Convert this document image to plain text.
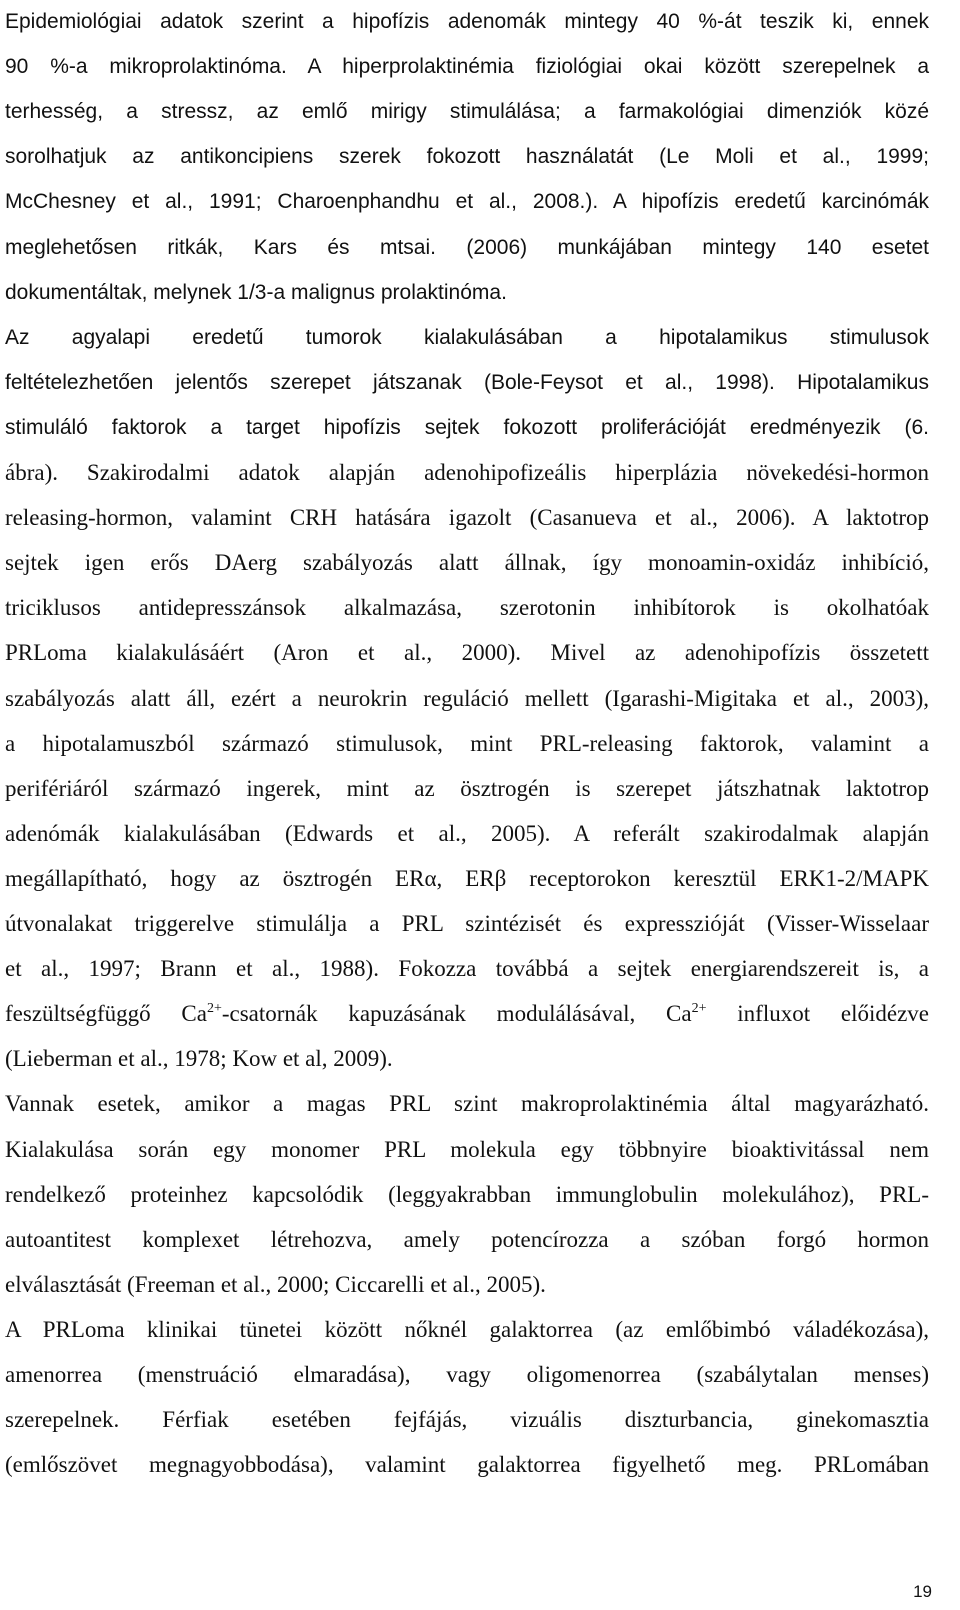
Epidemiológiai adatok szerint a hipofízis adenomák mintegy 40 %-át teszik ki, ennek
90 %-a mikroprolaktinóma. A hiperprolaktinémia fiziológiai okai között szerepelnek a
terhesség, a stressz, az emlő mirigy stimulálása; a farmakológiai dimenziók közé
sorolhatjuk az antikoncipiens szerek fokozott használatát (Le Moli et al., 1999;
McChesney et al., 1991; Charoenphandhu et al., 2008.). A hipofízis eredetű karcinómák
meglehetősen ritkák, Kars és mtsai. (2006) munkájában mintegy 140 esetet
dokumentáltak, melynek 1/3-a malignus prolaktinóma.
Az agyalapi eredetű tumorok kialakulásában a hipotalamikus stimulusok
feltételezhetően jelentős szerepet játszanak (Bole-Feysot et al., 1998). Hipotalamikus
stimuláló faktorok a target hipofízis sejtek fokozott proliferációját eredményezik (6.
ábra). Szakirodalmi adatok alapján adenohipofizeális hiperplázia növekedési-hormon
releasing-hormon, valamint CRH hatására igazolt (Casanueva et al., 2006). A laktotrop
sejtek igen erős DAerg szabályozás alatt állnak, így monoamin-oxidáz inhibíció,
triciklusos antidepresszánsok alkalmazása, szerotonin inhibítorok is okolhatóak
PRLoma kialakulásáért (Aron et al., 2000). Mivel az adenohipofízis összetett
szabályozás alatt áll, ezért a neurokrin reguláció mellett (Igarashi-Migitaka et al., 2003),
a hipotalamuszból származó stimulusok, mint PRL-releasing faktorok, valamint a
perifériáról származó ingerek, mint az ösztrogén is szerepet játszhatnak laktotrop
adenómák kialakulásában (Edwards et al., 2005). A referált szakirodalmak alapján
megállapítható, hogy az ösztrogén ERα, ERβ receptorokon keresztül ERK1-2/MAPK
útvonalakat triggerelve stimulálja a PRL szintézisét és expresszióját (Visser-Wisselaar
et al., 1997; Brann et al., 1988). Fokozza továbbá a sejtek energiarendszereit is, a
feszültségfüggő $Ca^{2+}$-csatornák kapuzásának modulálásával, $Ca^{2+}$ influxot előidézve
(Lieberman et al., 1978; Kow et al, 2009).
Vannak esetek, amikor a magas PRL szint makroprolaktinémia által magyarázható.
Kialakulása során egy monomer PRL molekula egy többnyire bioaktivitással nem
rendelkező proteinhez kapcsolódik (leggyakrabban immunglobulin molekulához), PRL-
autoantitest komplexet létrehozva, amely potencírozza a szóban forgó hormon
elválasztását (Freeman et al., 2000; Ciccarelli et al., 2005).
A PRLoma klinikai tünetei között nőknél galaktorrea (az emlőbimbó váladékozása),
amenorrea (menstruáció elmaradása), vagy oligomenorrea (szabálytalan menses)
szerepelnek. Férfiak esetében fejfájás, vizuális diszturbancia, ginekomasztia
(emlőszövet megnagyobbodása), valamint galaktorrea figyelhető meg. PRLomában
19
